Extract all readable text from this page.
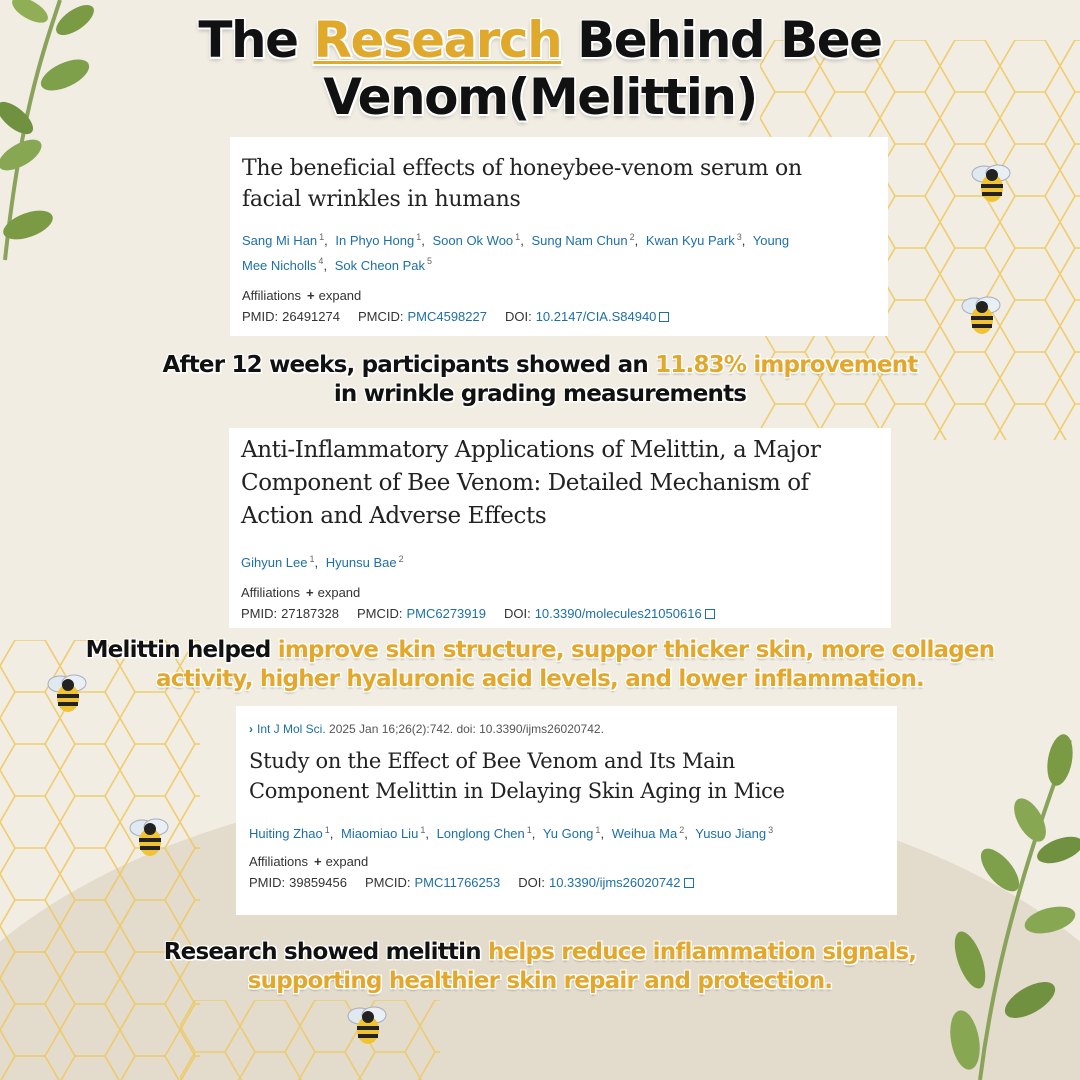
The Research Behind Bee
Venom(Melittin)
The beneficial effects of honeybee-venom serum on
facial wrinkles in humans
Sang Mi Han $^1$, In Phyo Hong $^1$, Soon Ok Woo $^1$, Sung Nam Chun $^2$, Kwan Kyu Park $^3$, Young Mee Nicholls $^4$, Sok Cheon Pak $^5$
Affiliations + expand
PMID: 26491274 PMCID: PMC4598227 DOI: 10.2147/CIA.S84940
After 12 weeks, participants showed an 11.83% improvement
in wrinkle grading measurements
Anti-Inflammatory Applications of Melittin, a Major
Component of Bee Venom: Detailed Mechanism of
Action and Adverse Effects
Gihyun Lee $^1$, Hyunsu Bae $^2$
Affiliations + expand
PMID: 27187328 PMCID: PMC6273919 DOI: 10.3390/molecules21050616
Melittin helped improve skin structure, suppor thicker skin, more collagen
activity, higher hyaluronic acid levels, and lower inflammation.
› Int J Mol Sci. 2025 Jan 16;26(2):742. doi: 10.3390/ijms26020742.
Study on the Effect of Bee Venom and Its Main
Component Melittin in Delaying Skin Aging in Mice
Huiting Zhao $^1$, Miaomiao Liu $^1$, Longlong Chen $^1$, Yu Gong $^1$, Weihua Ma $^2$, Yusuo Jiang $^3$
Affiliations + expand
PMID: 39859456 PMCID: PMC11766253 DOI: 10.3390/ijms26020742
Research showed melittin helps reduce inflammation signals,
supporting healthier skin repair and protection.
